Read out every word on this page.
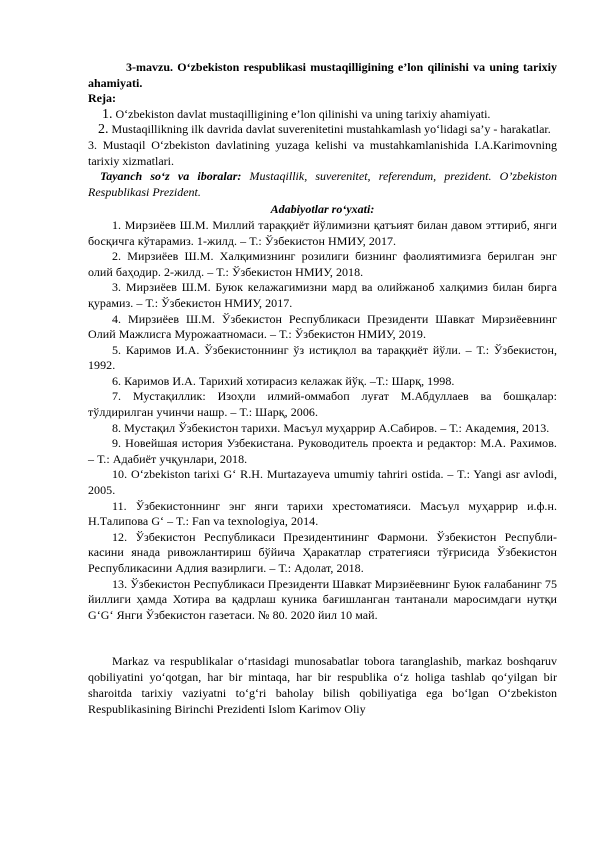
3-mavzu. O‘zbekiston respublikasi mustaqilligining e’lon qilinishi va uning tarixiy ahamiyati.

Reja:

1. O‘zbekiston davlat mustaqilligining e’lon qilinishi va uning tarixiy ahamiyati.

2. Mustaqillikning ilk davrida davlat suverenitetini mustahkamlash yo‘lidagi sa’y - harakatlar.

3. Mustaqil O‘zbekiston davlatining yuzaga kelishi va mustahkamlanishida I.A.Karimovning tarixiy xizmatlari.

Tayanch so‘z va iboralar: Mustaqillik, suverenitet, referendum, prezident. O’zbekiston Respublikasi Prezident.

Adabiyotlar ro‘yxati:

1. Мирзиёев Ш.М. Миллий тараққиёт йўлимизни қатъият билан давом эттириб, янги босқичга кўтарамиз. 1-жилд. – Т.: Ўзбекистон НМИУ, 2017.

2. Мирзиёев Ш.М. Халқимизнинг розилиги бизнинг фаолиятимизга берилган энг олий баҳодир. 2-жилд. – Т.: Ўзбекистон НМИУ, 2018.

3. Мирзиёев Ш.М. Буюк келажагимизни мард ва олийжаноб халқимиз билан бирга қурамиз. – Т.: Ўзбекистон НМИУ, 2017.

4. Мирзиёев Ш.М. Ўзбекистон Республикаси Президенти Шавкат Мирзиёевнинг Олий Мажлисга Мурожаатномаси. – Т.: Ўзбекистон НМИУ, 2019.

5. Каримов И.А. Ўзбекистоннинг ўз истиқлол ва тараққиёт йўли. – Т.: Ўзбекистон, 1992.

6. Каримов И.А. Тарихий хотирасиз келажак йўқ. –Т.: Шарқ, 1998.

7. Мустақиллик: Изоҳли илмий-оммабоп луғат М.Абдуллаев ва бошқалар: тўлдирилган учинчи нашр. – Т.: Шарқ, 2006.

8. Мустақил Ўзбекистон тарихи. Масъул муҳаррир А.Сабиров. – Т.: Академия, 2013.

9. Новейшая история Узбекистана. Руководитель проекта и редактор: М.А. Рахимов. – Т.: Адабиёт учқунлари, 2018.

10. O‘zbekiston tarixi G‘ R.H. Murtazayeva umumiy tahriri ostida. – T.: Yangi asr avlodi, 2005.

11. Ўзбекистоннинг энг янги тарихи хрестоматияси. Масъул муҳаррир и.ф.н. Н.Талипова G‘ – T.: Fan va texnologiya, 2014.

12. Ўзбекистон Республикаси Президентининг Фармони. Ўзбекистон Республи-касини янада ривожлантириш бўйича Ҳаракатлар стратегияси тўғрисида Ўзбекистон Республикасини Адлия вазирлиги. – Т.: Адолат, 2018.

13. Ўзбекистон Республикаси Президенти Шавкат Мирзиёевнинг Буюк ғалабанинг 75 йиллиги ҳамда Хотира ва қадрлаш куника бағишланган тантанали маросимдаги нутқи G‘G‘ Янги Ўзбекистон газетаси. № 80. 2020 йил 10 май.

Markaz va respublikalar o‘rtasidagi munosabatlar tobora taranglashib, markaz boshqaruv qobiliyatini yo‘qotgan, har bir mintaqa, har bir respublika o‘z holiga tashlab qo‘yilgan bir sharoitda tarixiy vaziyatni to‘g‘ri baholay bilish qobiliyatiga ega bo‘lgan O‘zbekiston Respublikasining Birinchi Prezidenti Islom Karimov Oliy
